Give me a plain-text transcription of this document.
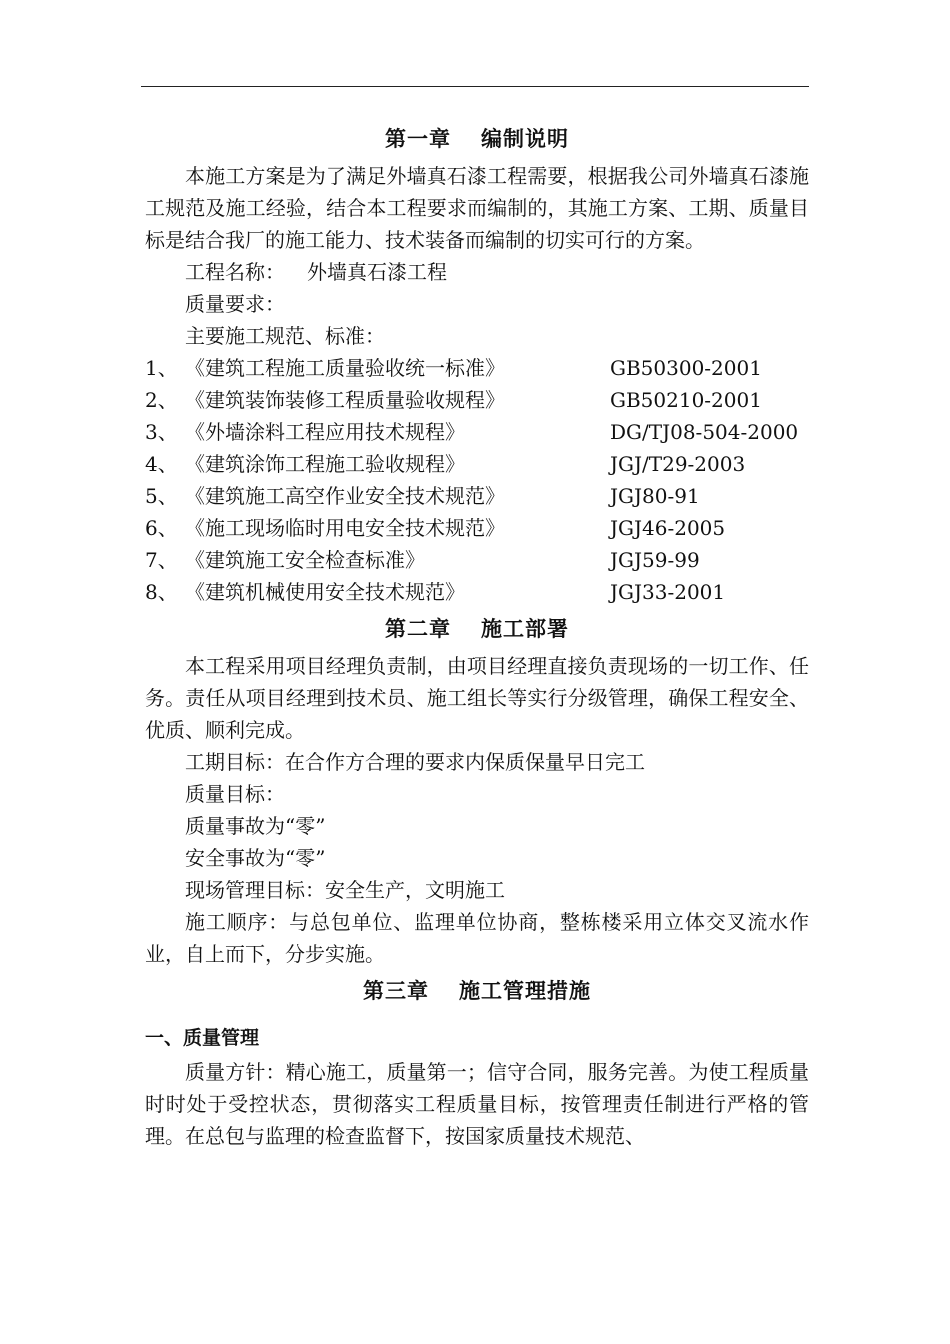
第一章 编制说明

本施工方案是为了满足外墙真石漆工程需要，根据我公司外墙真石漆施工规范及施工经验，结合本工程要求而编制的，其施工方案、工期、质量目标是结合我厂的施工能力、技术装备而编制的切实可行的方案。

工程名称： 外墙真石漆工程

质量要求：

主要施工规范、标准：

1、 《建筑工程施工质量验收统一标准》	GB50300-2001
2、 《建筑装饰装修工程质量验收规程》	GB50210-2001
3、 《外墙涂料工程应用技术规程》	DG/TJ08-504-2000
4、 《建筑涂饰工程施工验收规程》	JGJ/T29-2003
5、 《建筑施工高空作业安全技术规范》	JGJ80-91
6、 《施工现场临时用电安全技术规范》	JGJ46-2005
7、 《建筑施工安全检查标准》	JGJ59-99
8、 《建筑机械使用安全技术规范》	JGJ33-2001
第二章 施工部署

本工程采用项目经理负责制，由项目经理直接负责现场的一切工作、任务。责任从项目经理到技术员、施工组长等实行分级管理，确保工程安全、优质、顺利完成。

工期目标：在合作方合理的要求内保质保量早日完工

质量目标：

质量事故为“零”

安全事故为“零”

现场管理目标：安全生产，文明施工

施工顺序：与总包单位、监理单位协商，整栋楼采用立体交叉流水作业，自上而下，分步实施。

第三章 施工管理措施
一、质量管理

质量方针：精心施工，质量第一；信守合同，服务完善。为使工程质量时时处于受控状态，贯彻落实工程质量目标，按管理责任制进行严格的管理。在总包与监理的检查监督下，按国家质量技术规范、
